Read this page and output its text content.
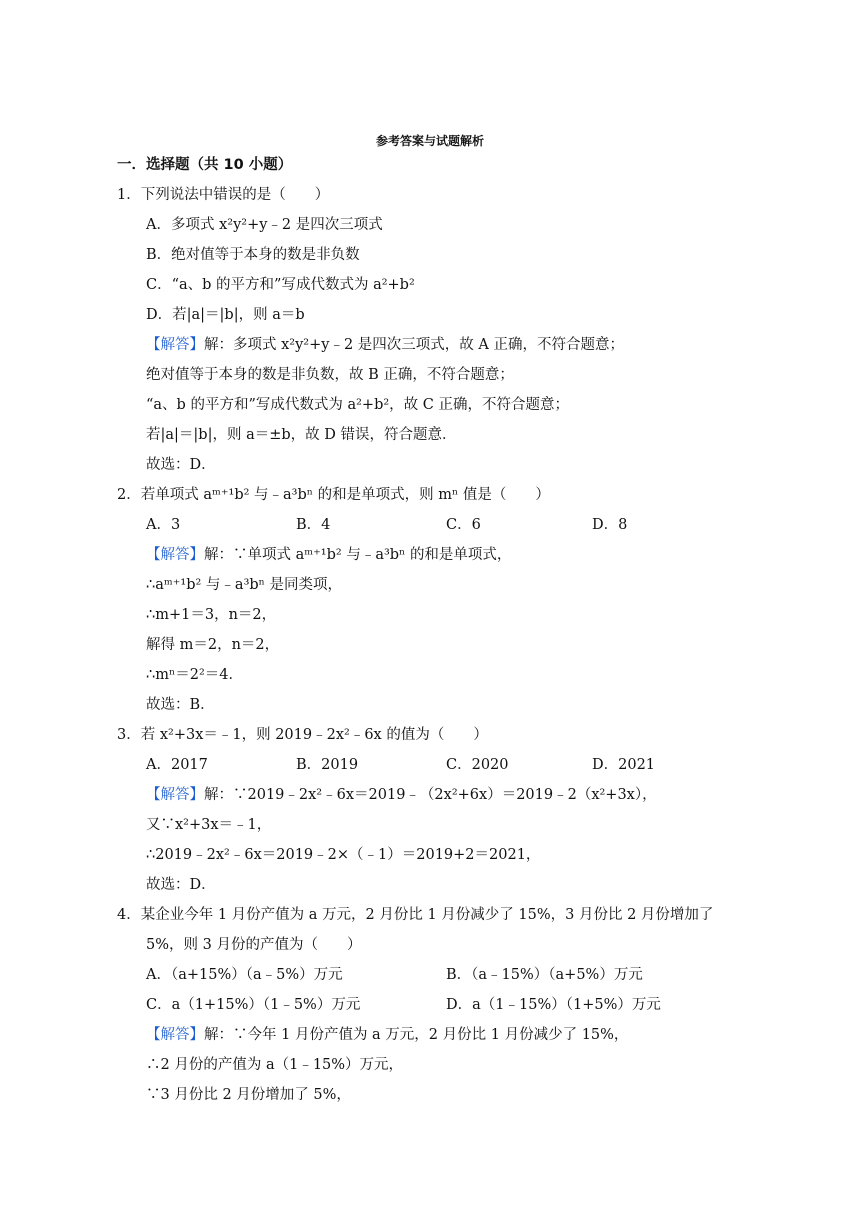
参考答案与试题解析
一．选择题（共 10 小题）
1．下列说法中错误的是（　　）
A．多项式 x²y²+y﹣2 是四次三项式
B．绝对值等于本身的数是非负数
C．“a、b 的平方和”写成代数式为 a²+b²
D．若|a|＝|b|，则 a＝b
【解答】解：多项式 x²y²+y﹣2 是四次三项式，故 A 正确，不符合题意；
绝对值等于本身的数是非负数，故 B 正确，不符合题意；
“a、b 的平方和”写成代数式为 a²+b²，故 C 正确，不符合题意；
若|a|＝|b|，则 a＝±b，故 D 错误，符合题意．
故选：D．
2．若单项式 aᵐ⁺¹b² 与﹣a³bⁿ 的和是单项式，则 mⁿ 值是（　　）
A．3	B．4	C．6	D．8
【解答】解：∵单项式 aᵐ⁺¹b² 与﹣a³bⁿ 的和是单项式，
∴aᵐ⁺¹b² 与﹣a³bⁿ 是同类项，
∴m+1＝3，n＝2，
解得 m＝2，n＝2，
∴mⁿ＝2²＝4．
故选：B．
3．若 x²+3x＝﹣1，则 2019﹣2x²﹣6x 的值为（　　）
A．2017	B．2019	C．2020	D．2021
【解答】解：∵2019﹣2x²﹣6x＝2019﹣（2x²+6x）＝2019﹣2（x²+3x），
又∵x²+3x＝﹣1，
∴2019﹣2x²﹣6x＝2019﹣2×（﹣1）＝2019+2＝2021，
故选：D．
4．某企业今年 1 月份产值为 a 万元，2 月份比 1 月份减少了 15%，3 月份比 2 月份增加了
5%，则 3 月份的产值为（　　）
A．（a+15%）（a﹣5%）万元	B．（a﹣15%）（a+5%）万元
C．a（1+15%）（1﹣5%）万元	D．a（1﹣15%）（1+5%）万元
【解答】解：∵今年 1 月份产值为 a 万元，2 月份比 1 月份减少了 15%，
∴2 月份的产值为 a（1﹣15%）万元，
∵3 月份比 2 月份增加了 5%，
